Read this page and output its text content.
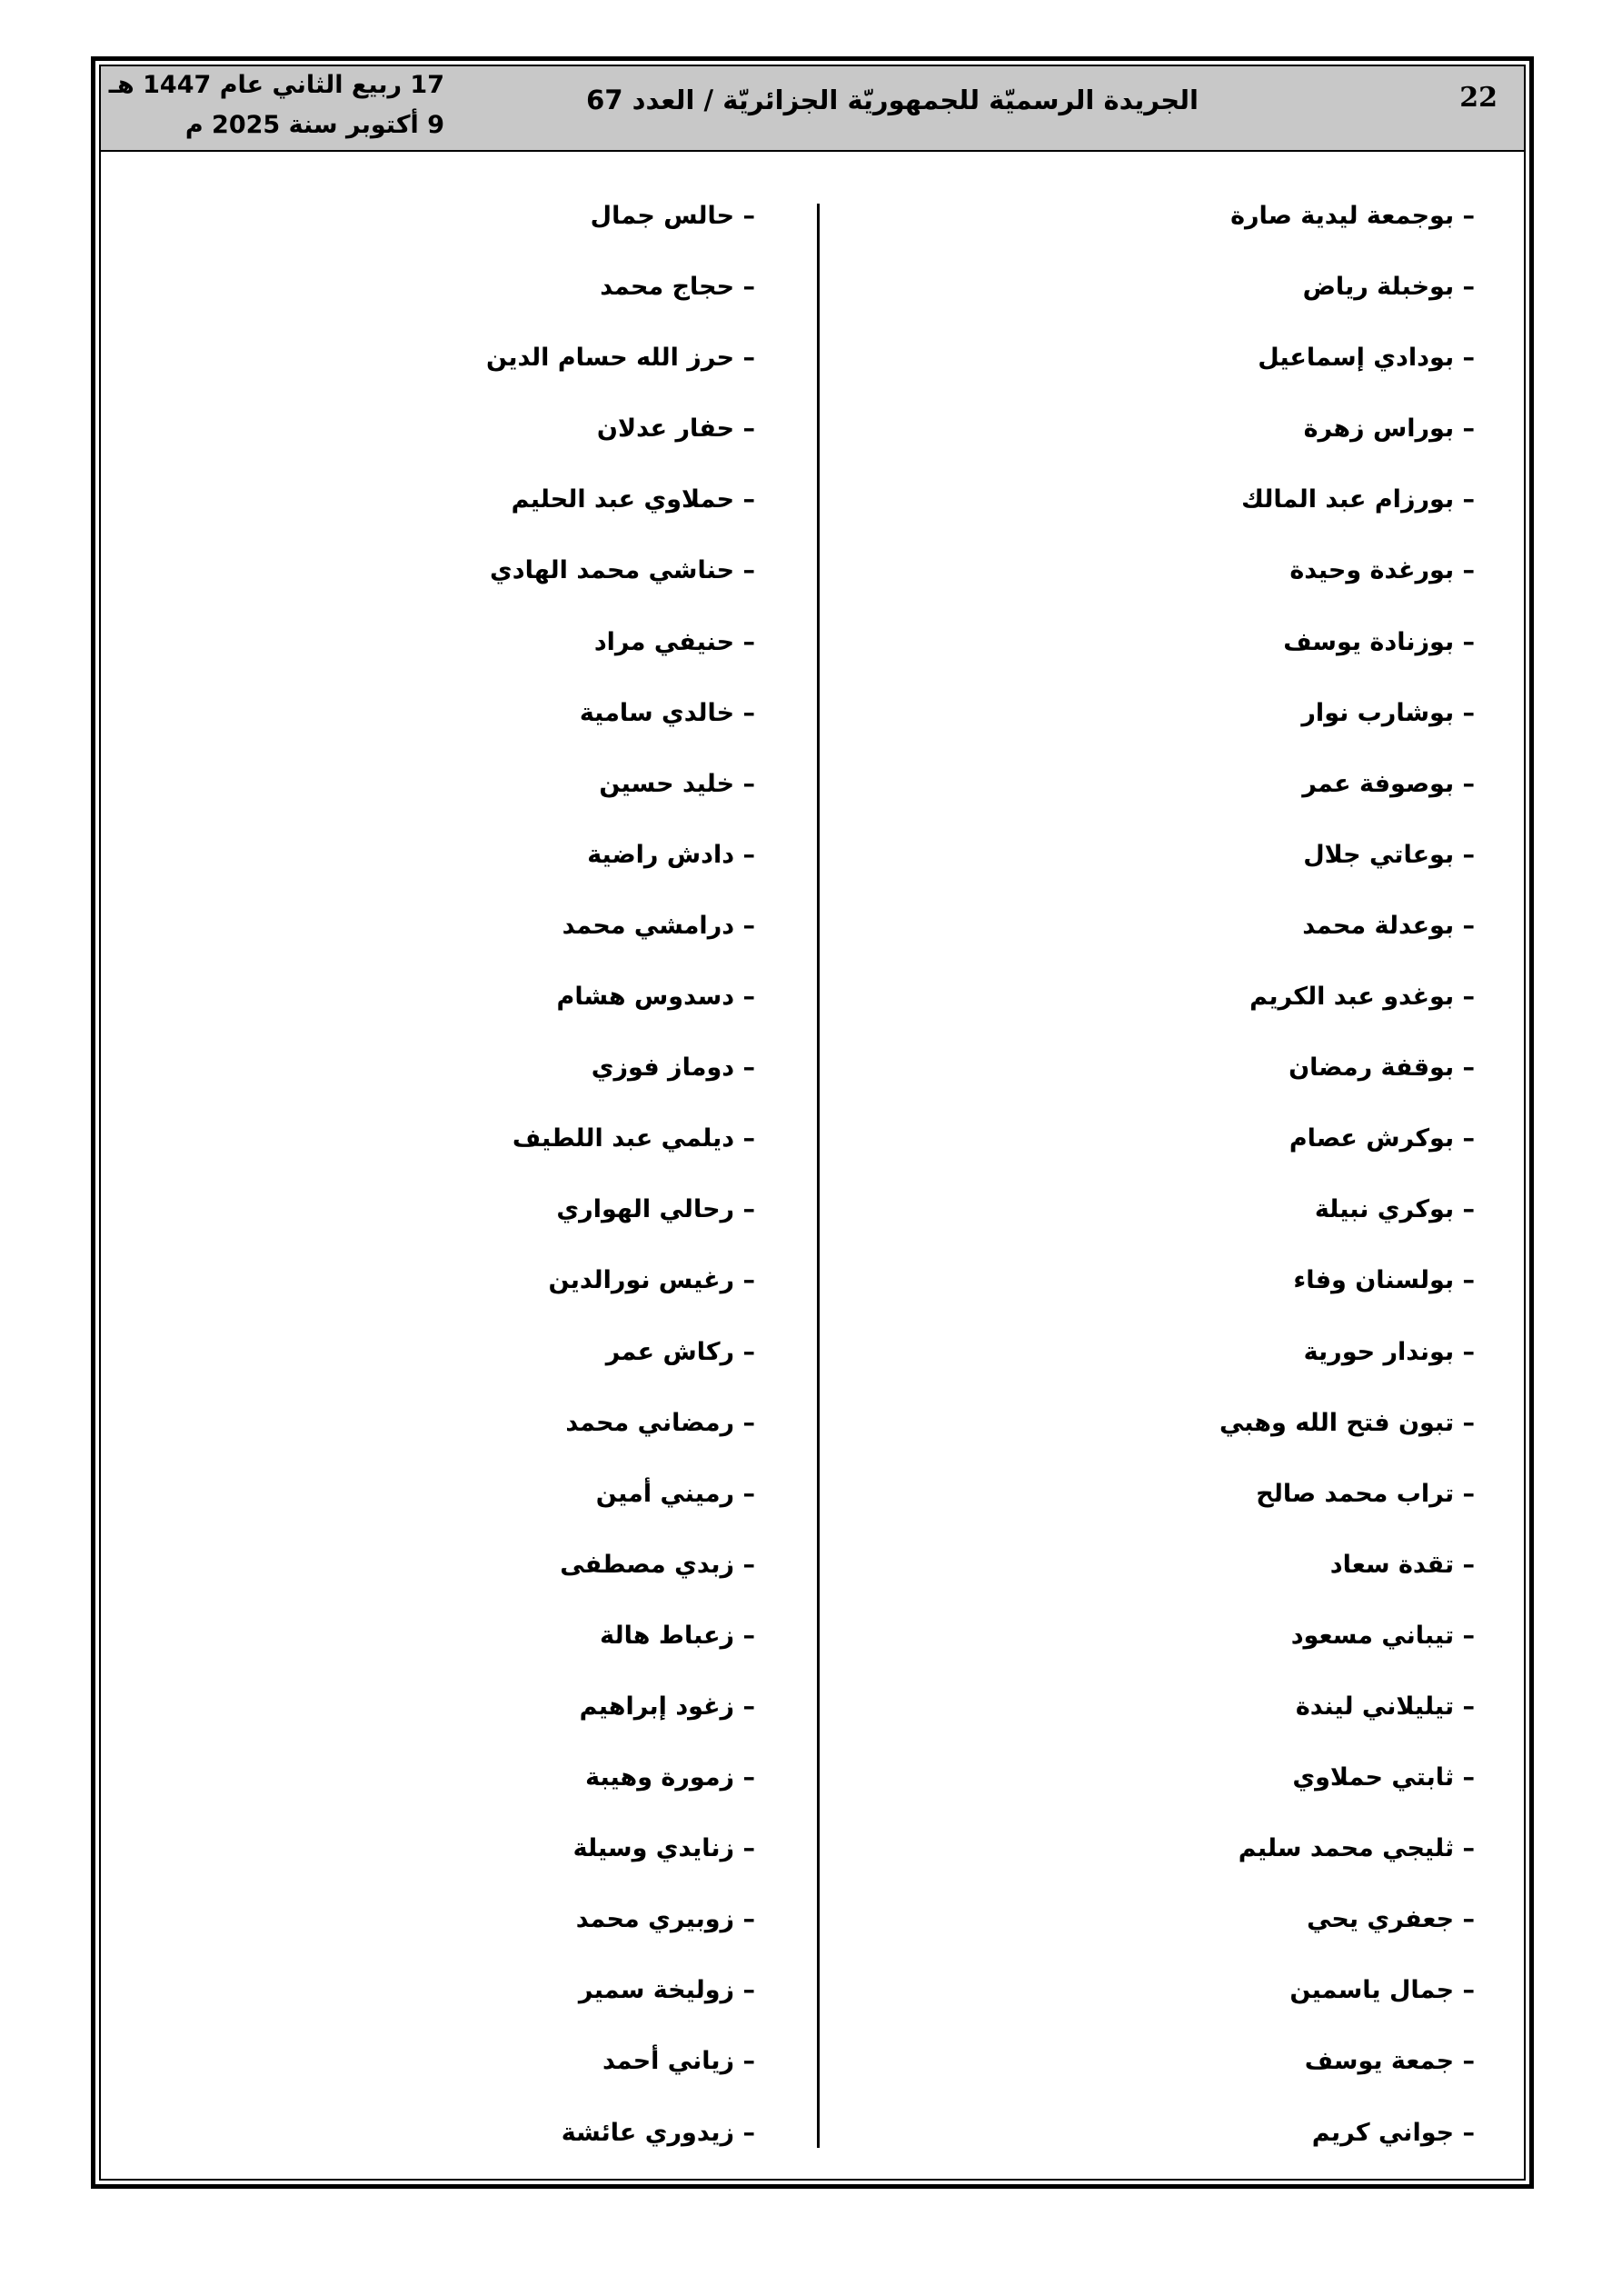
22
الجريدة الرسميّة للجمهوريّة الجزائريّة / العدد 67
17 ربيع الثاني عام 1447 هـ
9 أكتوبر سنة 2025 م
– بوجمعة ليدية صارة
– بوخبلة رياض
– بودادي إسماعيل
– بوراس زهرة
– بورزام عبد المالك
– بورغدة وحيدة
– بوزنادة يوسف
– بوشارب نوار
– بوصوفة عمر
– بوعاتي جلال
– بوعدلة محمد
– بوغدو عبد الكريم
– بوقفة رمضان
– بوكرش عصام
– بوكري نبيلة
– بولسنان وفاء
– بوندار حورية
– تبون فتح الله وهبي
– تراب محمد صالح
– تقدة سعاد
– تيباني مسعود
– تيليلاني ليندة
– ثابتي حملاوي
– ثليجي محمد سليم
– جعفري يحي
– جمال ياسمين
– جمعة يوسف
– جواني كريم
– حالس جمال
– حجاج محمد
– حرز الله حسام الدين
– حفار عدلان
– حملاوي عبد الحليم
– حناشي محمد الهادي
– حنيفي مراد
– خالدي سامية
– خليد حسين
– دادش راضية
– درامشي محمد
– دسدوس هشام
– دوماز فوزي
– ديلمي عبد اللطيف
– رحالي الهواري
– رغيس نورالدين
– ركاش عمر
– رمضاني محمد
– رميني أمين
– زبدي مصطفى
– زعباط هالة
– زغود إبراهيم
– زمورة وهيبة
– زنايدي وسيلة
– زوبيري محمد
– زوليخة سمير
– زياني أحمد
– زيدوري عائشة
